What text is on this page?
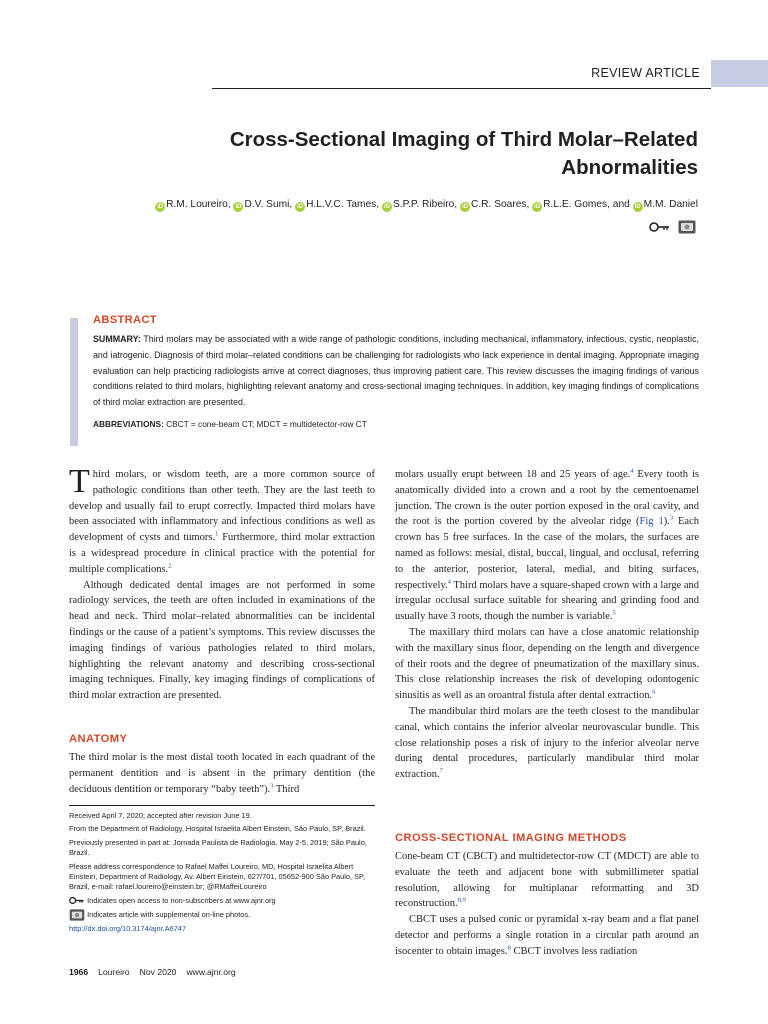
REVIEW ARTICLE
Cross-Sectional Imaging of Third Molar–Related
Abnormalities
iD R.M. Loureiro, iD D.V. Sumi, iD H.L.V.C. Tames, iD S.P.P. Ribeiro, iD C.R. Soares, iD R.L.E. Gomes, and iD M.M. Daniel

ABSTRACT
SUMMARY: Third molars may be associated with a wide range of pathologic conditions, including mechanical, inflammatory, infectious, cystic, neoplastic, and iatrogenic. Diagnosis of third molar–related conditions can be challenging for radiologists who lack experience in dental imaging. Appropriate imaging evaluation can help practicing radiologists arrive at correct diagnoses, thus improving patient care. This review discusses the imaging findings of various conditions related to third molars, highlighting relevant anatomy and cross-sectional imaging techniques. In addition, key imaging findings of complications of third molar extraction are presented.
ABBREVIATIONS: CBCT = cone-beam CT; MDCT = multidetector-row CT

Third molars, or wisdom teeth, are a more common source of pathologic conditions than other teeth. They are the last teeth to develop and usually fail to erupt correctly. Impacted third molars have been associated with inflammatory and infectious conditions as well as development of cysts and tumors.$^1$ Furthermore, third molar extraction is a widespread procedure in clinical practice with the potential for multiple complications.$^2$

Although dedicated dental images are not performed in some radiology services, the teeth are often included in examinations of the head and neck. Third molar–related abnormalities can be incidental findings or the cause of a patient’s symptoms. This review discusses the imaging findings of various pathologies related to third molars, highlighting the relevant anatomy and describing cross-sectional imaging techniques. Finally, key imaging findings of complications of third molar extraction are presented.

ANATOMY
The third molar is the most distal tooth located in each quadrant of the permanent dentition and is absent in the primary dentition (the deciduous dentition or temporary “baby teeth”).$^3$ Third
Received April 7, 2020; accepted after revision June 19.
From the Department of Radiology, Hospital Israelita Albert Einstein, São Paulo, SP, Brazil.
Previously presented in part at: Jornada Paulista de Radiologia, May 2-5, 2019; São Paulo, Brazil.
Please address correspondence to Rafael Maffei Loureiro, MD, Hospital Israelita Albert Einstein, Department of Radiology, Av. Albert Einstein, 627/701, 05652-900 São Paulo, SP, Brazil, e-mail: rafael.loureiro@einstein.br; @RMaffeiLoureiro
Indicates open access to non-subscribers at www.ajnr.org
Indicates article with supplemental on-line photos.
http://dx.doi.org/10.3174/ajnr.A6747

molars usually erupt between 18 and 25 years of age.$^4$ Every tooth is anatomically divided into a crown and a root by the cementoenamel junction. The crown is the outer portion exposed in the oral cavity, and the root is the portion covered by the alveolar ridge (Fig 1).$^3$ Each crown has 5 free surfaces. In the case of the molars, the surfaces are named as follows: mesial, distal, buccal, lingual, and occlusal, referring to the anterior, posterior, lateral, medial, and biting surfaces, respectively.$^4$ Third molars have a square-shaped crown with a large and irregular occlusal surface suitable for shearing and grinding food and usually have 3 roots, though the number is variable.$^5$

The maxillary third molars can have a close anatomic relationship with the maxillary sinus floor, depending on the length and divergence of their roots and the degree of pneumatization of the maxillary sinus. This close relationship increases the risk of developing odontogenic sinusitis as well as an oroantral fistula after dental extraction.$^6$

The mandibular third molars are the teeth closest to the mandibular canal, which contains the inferior alveolar neurovascular bundle. This close relationship poses a risk of injury to the inferior alveolar nerve during dental procedures, particularly mandibular third molar extraction.$^7$

CROSS-SECTIONAL IMAGING METHODS

Cone-beam CT (CBCT) and multidetector-row CT (MDCT) are able to evaluate the teeth and adjacent bone with submillimeter spatial resolution, allowing for multiplanar reformatting and 3D reconstruction.$^{8,9}$

CBCT uses a pulsed conic or pyramidal x-ray beam and a flat panel detector and performs a single rotation in a circular path around an isocenter to obtain images.$^8$ CBCT involves less radiation

1966 Loureiro Nov 2020 www.ajnr.org
